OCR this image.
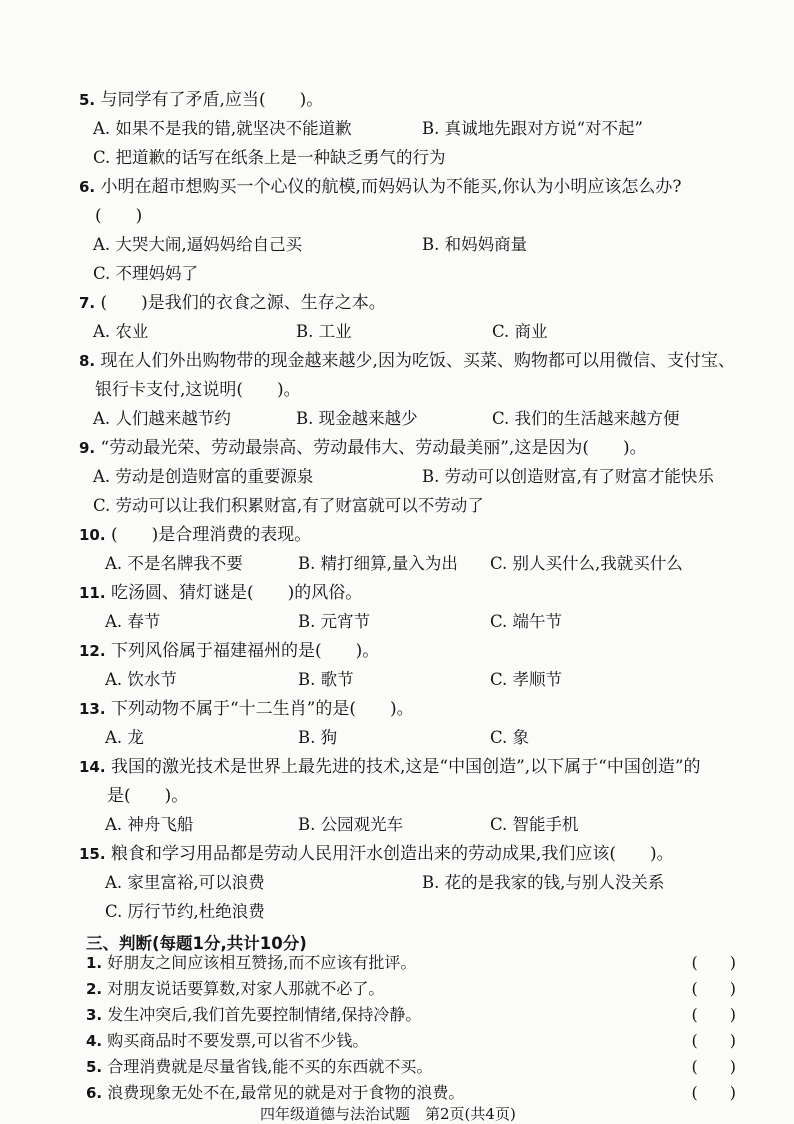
5. 与同学有了矛盾,应当(　　)。
A. 如果不是我的错,就坚决不能道歉	B. 真诚地先跟对方说“对不起”
C. 把道歉的话写在纸条上是一种缺乏勇气的行为
6. 小明在超市想购买一个心仪的航模,而妈妈认为不能买,你认为小明应该怎么办?
(　　)
A. 大哭大闹,逼妈妈给自己买	B. 和妈妈商量
C. 不理妈妈了
7. (　　)是我们的衣食之源、生存之本。
A. 农业	B. 工业	C. 商业
8. 现在人们外出购物带的现金越来越少,因为吃饭、买菜、购物都可以用微信、支付宝、
银行卡支付,这说明(　　)。
A. 人们越来越节约	B. 现金越来越少	C. 我们的生活越来越方便
9. “劳动最光荣、劳动最崇高、劳动最伟大、劳动最美丽”,这是因为(　　)。
A. 劳动是创造财富的重要源泉	B. 劳动可以创造财富,有了财富才能快乐
C. 劳动可以让我们积累财富,有了财富就可以不劳动了
10. (　　)是合理消费的表现。
A. 不是名牌我不要	B. 精打细算,量入为出 C. 别人买什么,我就买什么
11. 吃汤圆、猜灯谜是(　　)的风俗。
A. 春节	B. 元宵节	C. 端午节
12. 下列风俗属于福建福州的是(　　)。
A. 饮水节	B. 歌节	C. 孝顺节
13. 下列动物不属于“十二生肖”的是(　　)。
A. 龙	B. 狗	C. 象
14. 我国的激光技术是世界上最先进的技术,这是“中国创造”,以下属于“中国创造”的
是(　　)。
A. 神舟飞船	B. 公园观光车	C. 智能手机
15. 粮食和学习用品都是劳动人民用汗水创造出来的劳动成果,我们应该(　　)。
A. 家里富裕,可以浪费	B. 花的是我家的钱,与别人没关系
C. 厉行节约,杜绝浪费
三、判断(每题1分,共计10分)
1. 好朋友之间应该相互赞扬,而不应该有批评。	(　　)
2. 对朋友说话要算数,对家人那就不必了。	(　　)
3. 发生冲突后,我们首先要控制情绪,保持冷静。	(　　)
4. 购买商品时不要发票,可以省不少钱。	(　　)
5. 合理消费就是尽量省钱,能不买的东西就不买。	(　　)
6. 浪费现象无处不在,最常见的就是对于食物的浪费。	(　　)
四年级道德与法治试题　第2页(共4页)
